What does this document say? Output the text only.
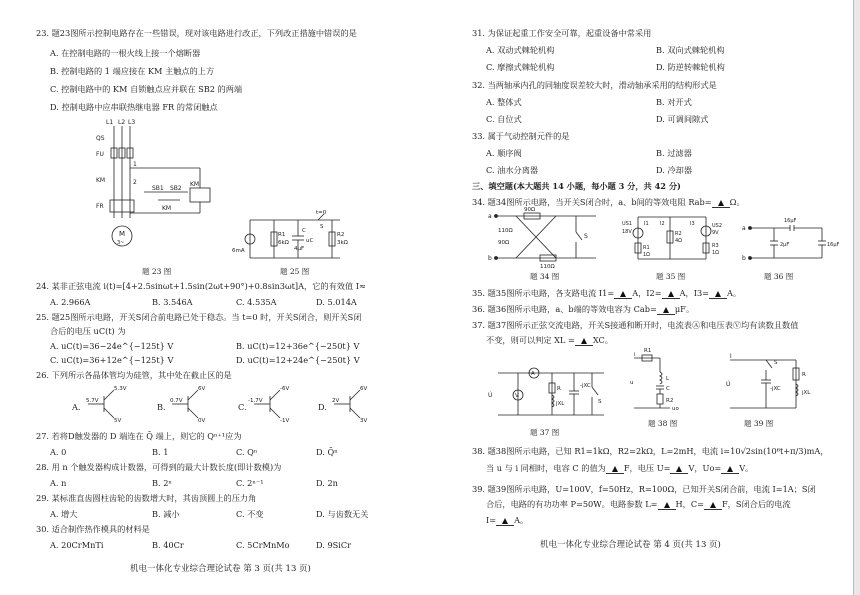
23. 题23图所示控制电路存在一些错误，现对该电路进行改正，下列改正措施中错误的是
A. 在控制电路的一根火线上接一个熔断器
B. 控制电路的 1 端应接在 KM 主触点的上方
C. 控制电路中的 KM 自锁触点应并联在 SB2 的两端
D. 控制电路中应串联热继电器 FR 的常闭触点
L1 L2 L3
QS
FU
FR
M
3~
SB1 SB2
KM
KM
KM
1
2
题 23 图
t=0
6mA
R1
6kΩ
C
4μF
uC
S
R2
3kΩ
题 25 图
24. 某非正弦电流 i(t)=[4+2.5sinωt+1.5sin(2ωt+90°)+0.8sin3ωt]A，它的有效值 I≈
A. 2.966A	B. 3.546A	C. 4.535A	D. 5.014A
25. 题25图所示电路，开关S闭合前电路已处于稳态。当 t=0 时，开关S闭合，则开关S闭
合后的电压 uC(t) 为
A. uC(t)=36−24e^{−125t} V	B. uC(t)=12+36e^{−250t} V
C. uC(t)=36+12e^{−125t} V	D. uC(t)=12+24e^{−250t} V
26. 下列所示各晶体管均为硅管，其中处在截止区的是
A.
5.7V
5.3V
5V
B.
0.7V
6V
0V
C.
-1.7V
-6V
-1V
D.
2V
6V
3V
27. 若将D触发器的 D 端连在 Q̄ 端上，则它的 Qⁿ⁺¹应为
A. 0	B. 1	C. Qⁿ	D. Q̄ⁿ
28. 用 n 个触发器构成计数器，可得到的最大计数长度(即计数模)为
A. n	B. 2ⁿ	C. 2ⁿ⁻¹	D. 2n
29. 某标准直齿圆柱齿轮的齿数增大时，其齿顶圆上的压力角
A. 增大	B. 减小	C. 不变	D. 与齿数无关
30. 适合制作热作模具的材料是
A. 20CrMnTi	B. 40Cr	C. 5CrMnMo	D. 9SiCr
机电一体化专业综合理论试卷 第 3 页(共 13 页)
31. 为保证起重工作安全可靠，起重设备中常采用
A. 双动式棘轮机构	B. 双向式棘轮机构
C. 摩擦式棘轮机构	D. 防逆转棘轮机构
32. 当两轴承内孔的同轴度误差较大时，滑动轴承采用的结构形式是
A. 整体式	B. 对开式
C. 自位式	D. 可调间隙式
33. 属于气动控制元件的是
A. 顺序阀	B. 过滤器
C. 油水分离器	D. 冷却器
三、填空题(本大题共 14 小题，每小题 3 分，共 42 分)
34. 题34图所示电路，当开关S闭合时，a、b间的等效电阻 Rab= Ω。
a
b
90Ω
110Ω
90Ω
110Ω
S
题 34 图
US1
18V
I1 I2
R2
4Ω
R1
1Ω
I3	US2
9V
R3
1Ω
题 35 图
a
b
16μF
2μF	16μF
题 36 图
35. 题35图所示电路，各支路电流 I1= A，I2= A，I3= A。
36. 题36图所示电路，a、b端的等效电容为 Cab= μF。
37. 题37图所示正弦交流电路，开关S接通和断开时，电流表Ⓐ和电压表Ⓥ均有读数且数值
不变，则可以判定 XL = XC。
U̇
A
V
R
jXL
-jXC
S
题 37 图
i
R1
u
L
C
R2
uo
题 38 图
İ
S
U̇
-jXC
R
jXL
题 39 图
38. 题38图所示电路，已知 R1=1kΩ，R2=2kΩ，L=2mH，电流 i=10√2sin(10⁶t+π/3)mA，
当 u 与 i 同相时，电容 C 的值为 F，电压 U= V，Uo= V。
39. 题39图所示电路，U=100V，f=50Hz，R=100Ω，已知开关S闭合前，电流 I=1A；S闭
合后，电路的有功功率 P=50W。电路参数 L= H，C= F，S闭合后的电流
I= A。
机电一体化专业综合理论试卷 第 4 页(共 13 页)
